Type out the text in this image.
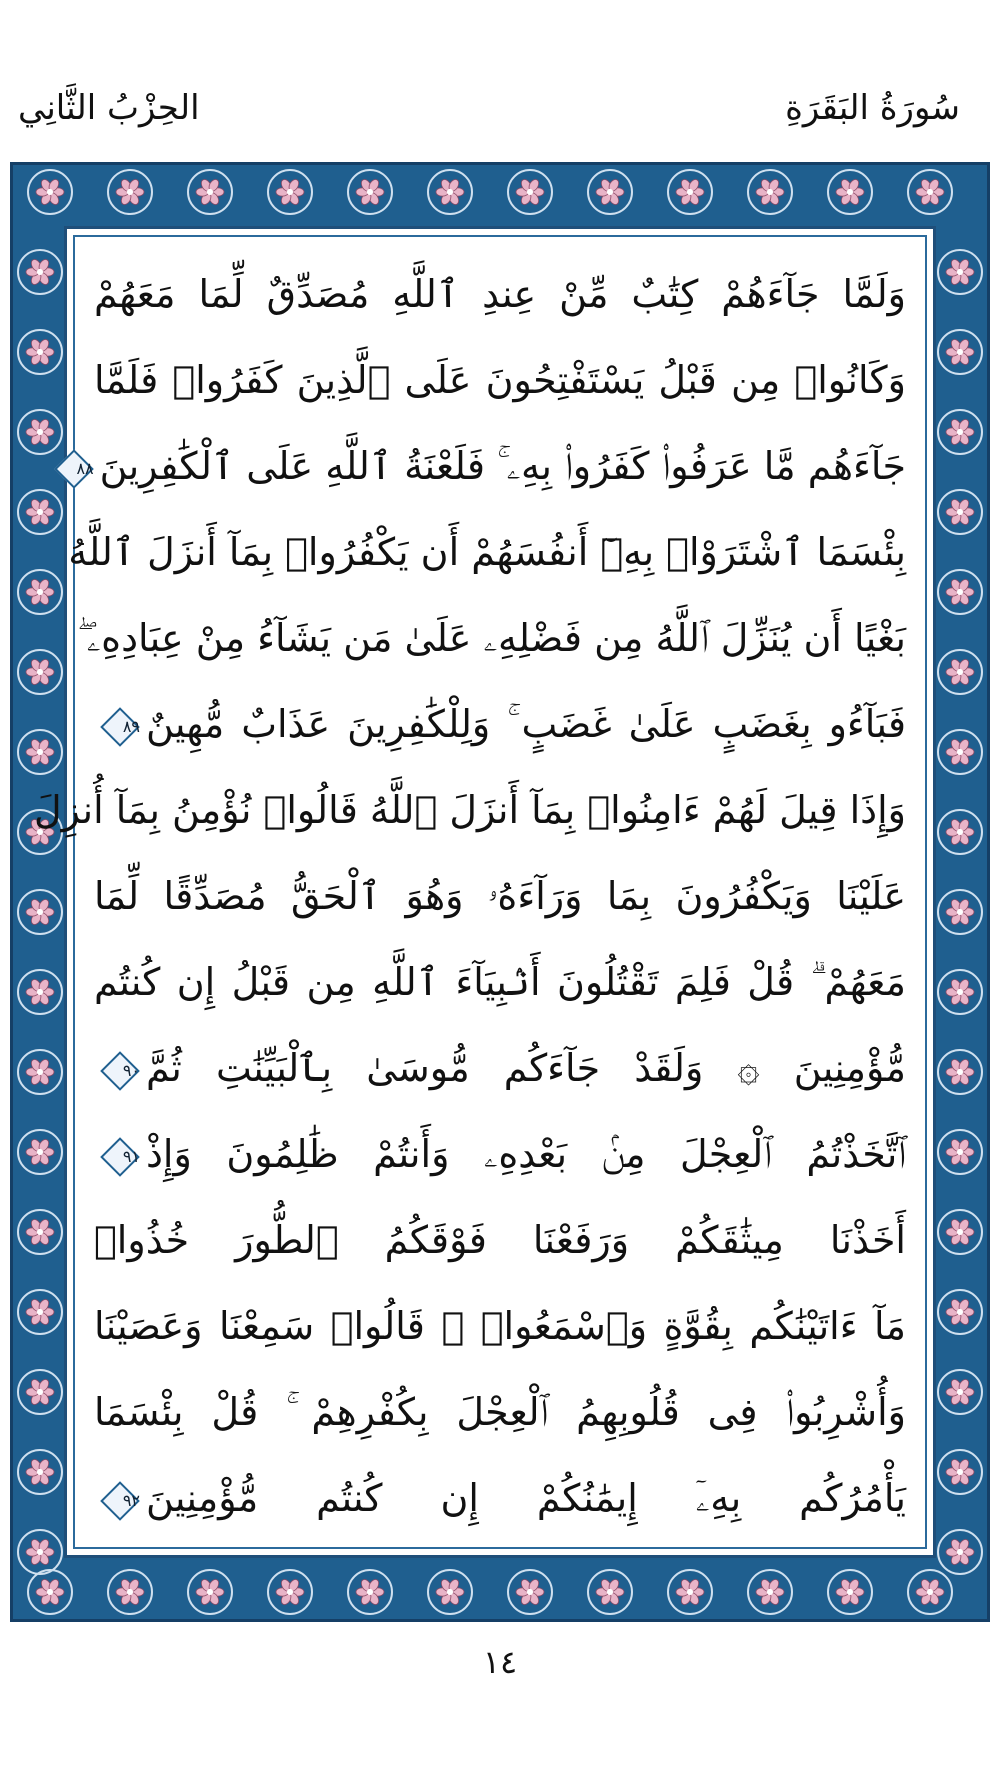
سُورَةُ البَقَرَةِ
الحِزْبُ الثَّانِي
وَلَمَّا جَآءَهُمْ كِتَٰبٌ مِّنْ عِندِ ٱللَّهِ مُصَدِّقٌ لِّمَا مَعَهُمْ
وَكَانُوا۟ مِن قَبْلُ يَسْتَفْتِحُونَ عَلَى ٱلَّذِينَ كَفَرُوا۟ فَلَمَّا
جَآءَهُم مَّا عَرَفُوا۟ كَفَرُوا۟ بِهِۦ ۚ فَلَعْنَةُ ٱللَّهِ عَلَى ٱلْكَٰفِرِينَ
٨٨
بِئْسَمَا ٱشْتَرَوْا۟ بِهِۦٓ أَنفُسَهُمْ أَن يَكْفُرُوا۟ بِمَآ أَنزَلَ ٱللَّهُ
بَغْيًا أَن يُنَزِّلَ ٱللَّهُ مِن فَضْلِهِۦ عَلَىٰ مَن يَشَآءُ مِنْ عِبَادِهِۦ ۖ
فَبَآءُو بِغَضَبٍ عَلَىٰ غَضَبٍ ۚ وَلِلْكَٰفِرِينَ عَذَابٌ مُّهِينٌ
٨٩
وَإِذَا قِيلَ لَهُمْ ءَامِنُوا۟ بِمَآ أَنزَلَ ٱللَّهُ قَالُوا۟ نُؤْمِنُ بِمَآ أُنزِلَ
عَلَيْنَا وَيَكْفُرُونَ بِمَا وَرَآءَهُۥ وَهُوَ ٱلْحَقُّ مُصَدِّقًا لِّمَا
مَعَهُمْ ۗ قُلْ فَلِمَ تَقْتُلُونَ أَنۢبِيَآءَ ٱللَّهِ مِن قَبْلُ إِن كُنتُم
مُّؤْمِنِينَ ۞ وَلَقَدْ جَآءَكُم مُّوسَىٰ بِٱلْبَيِّنَٰتِ ثُمَّ
٩٠
ٱتَّخَذْتُمُ ٱلْعِجْلَ مِنۢ بَعْدِهِۦ وَأَنتُمْ ظَٰلِمُونَ وَإِذْ
٩١
أَخَذْنَا مِيثَٰقَكُمْ وَرَفَعْنَا فَوْقَكُمُ ٱلطُّورَ خُذُوا۟
مَآ ءَاتَيْنَٰكُم بِقُوَّةٍ وَٱسْمَعُوا۟ ۖ قَالُوا۟ سَمِعْنَا وَعَصَيْنَا
وَأُشْرِبُوا۟ فِى قُلُوبِهِمُ ٱلْعِجْلَ بِكُفْرِهِمْ ۚ قُلْ بِئْسَمَا
يَأْمُرُكُم بِهِۦٓ إِيمَٰنُكُمْ إِن كُنتُم مُّؤْمِنِينَ
٩٢
١٤
